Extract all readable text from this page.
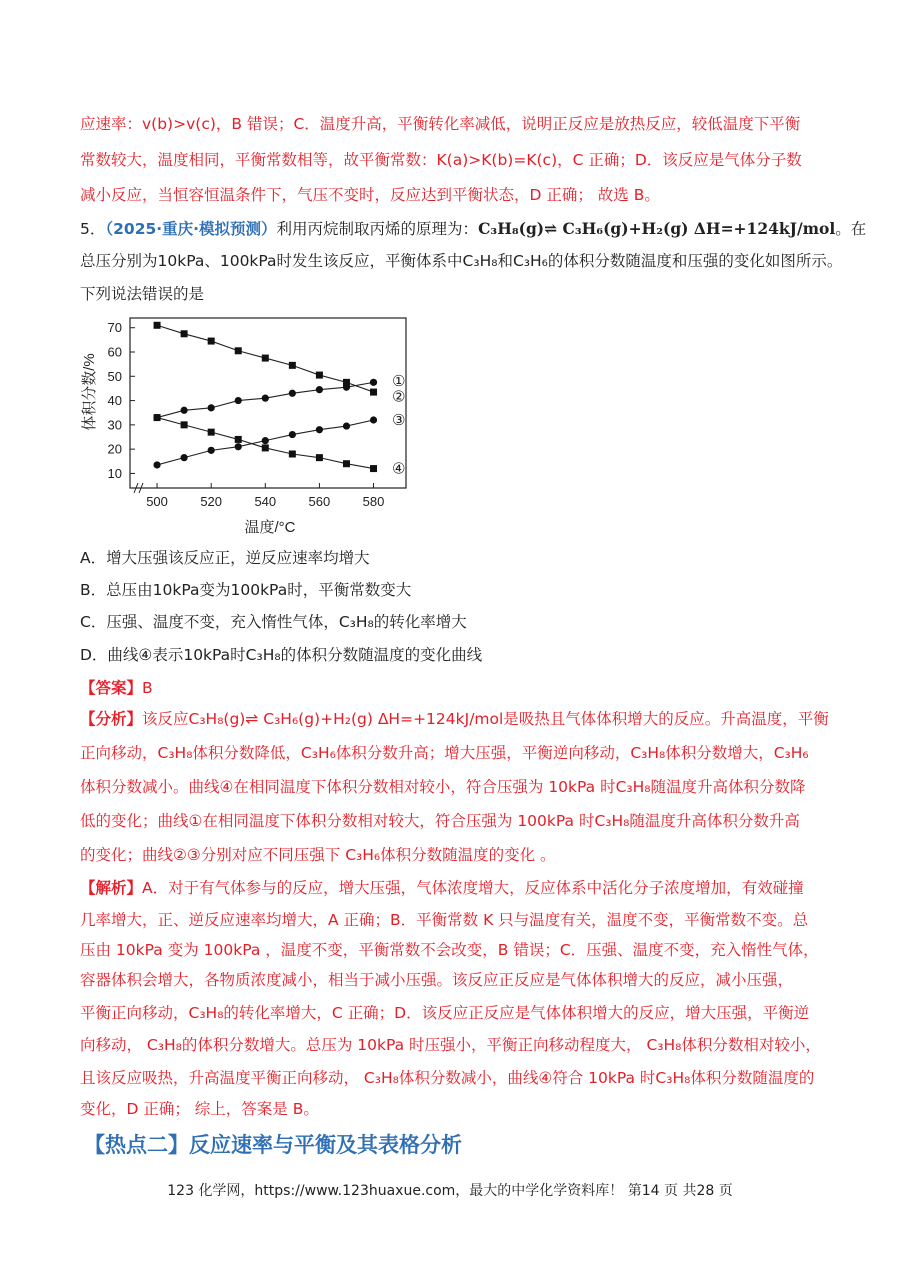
应速率：v(b)>v(c)，B 错误；C．温度升高，平衡转化率减低，说明正反应是放热反应，较低温度下平衡
常数较大，温度相同，平衡常数相等，故平衡常数：K(a)>K(b)=K(c)，C 正确；D．该反应是气体分子数
减小反应，当恒容恒温条件下，气压不变时，反应达到平衡状态，D 正确； 故选 B。
5．（2025·重庆·模拟预测）利用丙烷制取丙烯的原理为：C₃H₈(g)⇌ C₃H₆(g)+H₂(g) ΔH=+124kJ/mol。在
总压分别为10kPa、100kPa时发生该反应，平衡体系中C₃H₈和C₃H₆的体积分数随温度和压强的变化如图所示。
下列说法错误的是
500 520 540 560 580
10
20
30
40
50
60
70
①
②
③
④
温度/°C
体积分数/%
A．增大压强该反应正，逆反应速率均增大
B．总压由10kPa变为100kPa时，平衡常数变大
C．压强、温度不变，充入惰性气体，C₃H₈的转化率增大
D．曲线④表示10kPa时C₃H₈的体积分数随温度的变化曲线
【答案】B
【分析】该反应C₃H₈(g)⇌ C₃H₆(g)+H₂(g) ΔH=+124kJ/mol是吸热且气体体积增大的反应。升高温度，平衡
正向移动，C₃H₈体积分数降低，C₃H₆体积分数升高；增大压强，平衡逆向移动，C₃H₈体积分数增大，C₃H₆
体积分数减小。曲线④在相同温度下体积分数相对较小，符合压强为 10kPa 时C₃H₈随温度升高体积分数降
低的变化；曲线①在相同温度下体积分数相对较大，符合压强为 100kPa 时C₃H₈随温度升高体积分数升高
的变化；曲线②③分别对应不同压强下 C₃H₆体积分数随温度的变化 。
【解析】A．对于有气体参与的反应，增大压强，气体浓度增大，反应体系中活化分子浓度增加，有效碰撞
几率增大，正、逆反应速率均增大，A 正确；B．平衡常数 K 只与温度有关，温度不变，平衡常数不变。总
压由 10kPa 变为 100kPa ，温度不变，平衡常数不会改变，B 错误；C．压强、温度不变，充入惰性气体，
容器体积会增大，各物质浓度减小，相当于减小压强。该反应正反应是气体体积增大的反应，减小压强，
平衡正向移动，C₃H₈的转化率增大，C 正确；D．该反应正反应是气体体积增大的反应，增大压强，平衡逆
向移动， C₃H₈的体积分数增大。总压为 10kPa 时压强小，平衡正向移动程度大， C₃H₈体积分数相对较小，
且该反应吸热，升高温度平衡正向移动， C₃H₈体积分数减小，曲线④符合 10kPa 时C₃H₈体积分数随温度的
变化，D 正确； 综上，答案是 B。
【热点二】反应速率与平衡及其表格分析
123 化学网，https://www.123huaxue.com，最大的中学化学资料库！ 第14 页 共28 页
